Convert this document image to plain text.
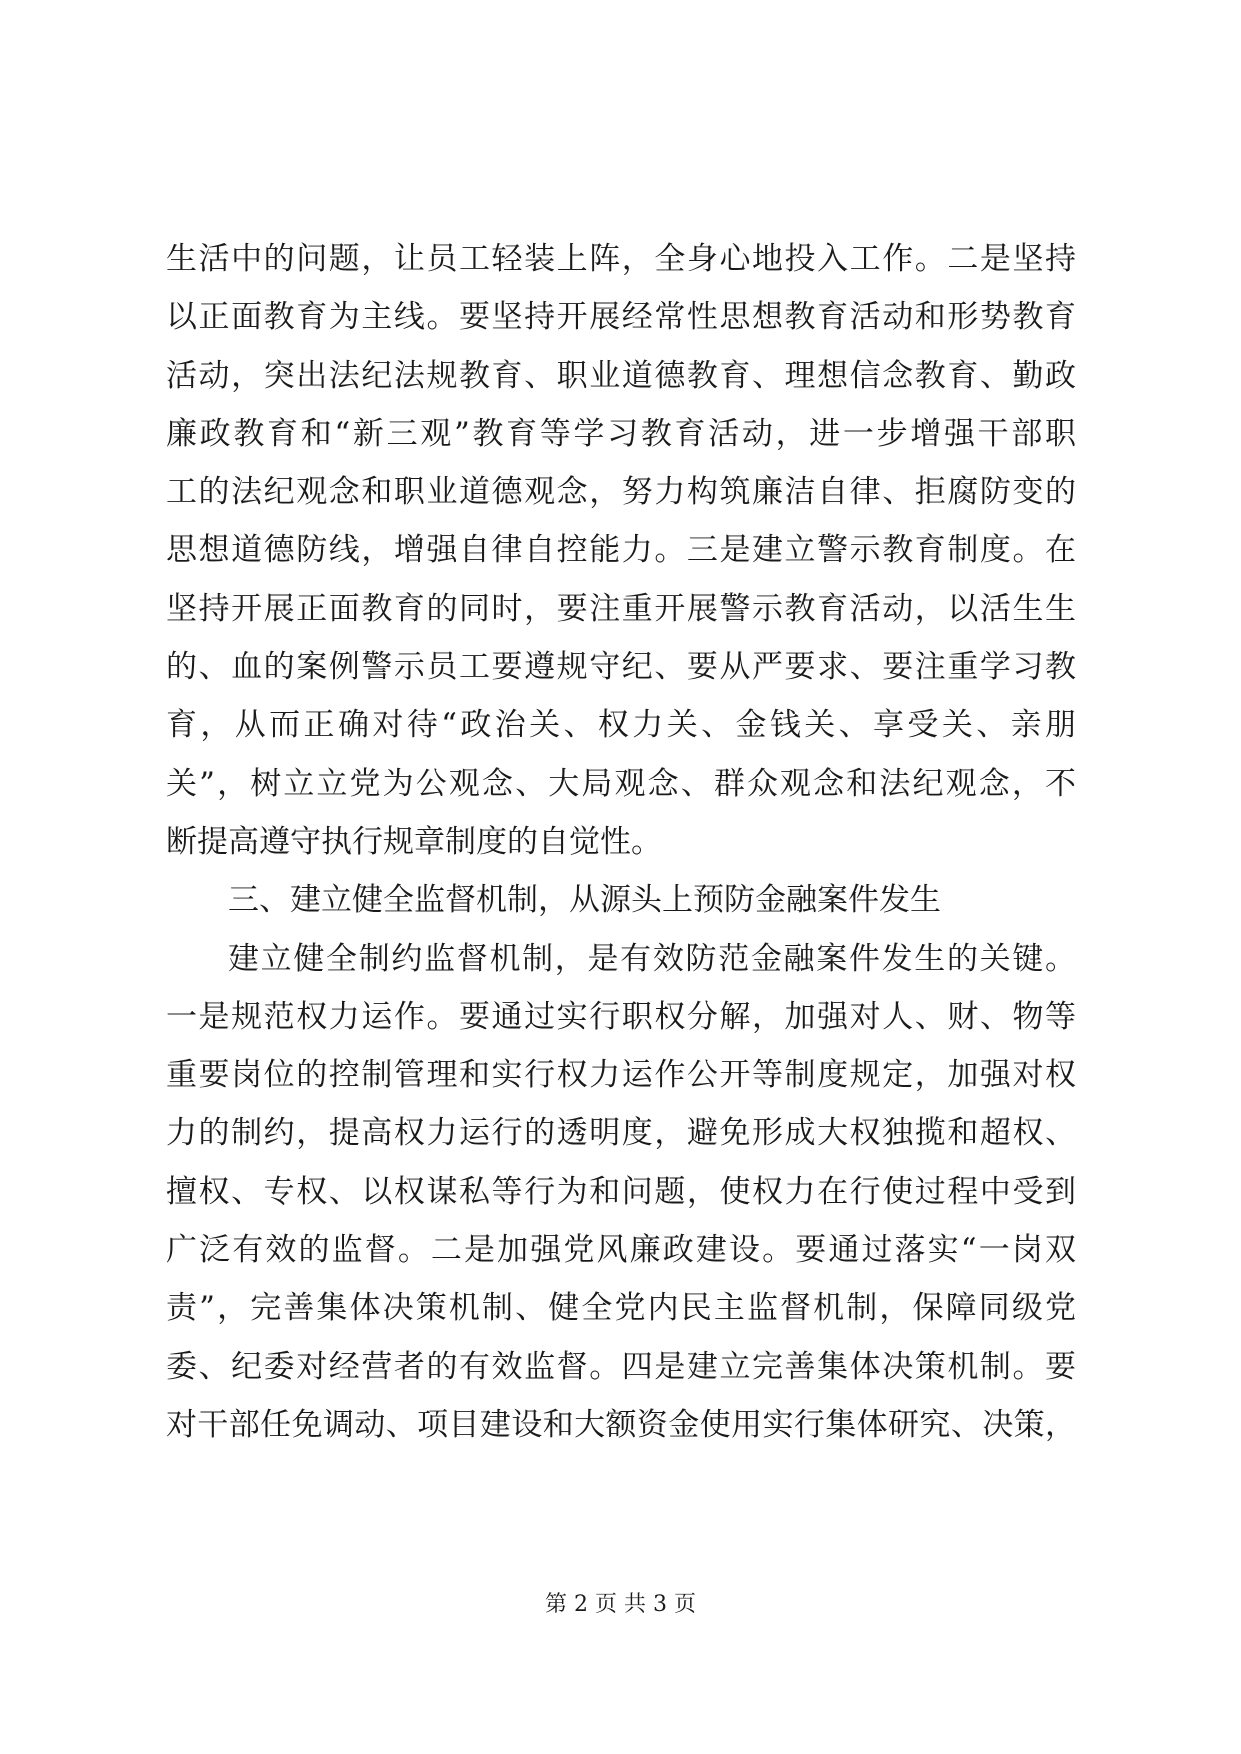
生活中的问题，让员工轻装上阵，全身心地投入工作。二是坚持
以正面教育为主线。要坚持开展经常性思想教育活动和形势教育
活动，突出法纪法规教育、职业道德教育、理想信念教育、勤政
廉政教育和“新三观”教育等学习教育活动，进一步增强干部职
工的法纪观念和职业道德观念，努力构筑廉洁自律、拒腐防变的
思想道德防线，增强自律自控能力。三是建立警示教育制度。在
坚持开展正面教育的同时，要注重开展警示教育活动，以活生生
的、血的案例警示员工要遵规守纪、要从严要求、要注重学习教
育，从而正确对待“政治关、权力关、金钱关、享受关、亲朋
关”，树立立党为公观念、大局观念、群众观念和法纪观念，不
断提高遵守执行规章制度的自觉性。
三、建立健全监督机制，从源头上预防金融案件发生
建立健全制约监督机制，是有效防范金融案件发生的关键。
一是规范权力运作。要通过实行职权分解，加强对人、财、物等
重要岗位的控制管理和实行权力运作公开等制度规定，加强对权
力的制约，提高权力运行的透明度，避免形成大权独揽和超权、
擅权、专权、以权谋私等行为和问题，使权力在行使过程中受到
广泛有效的监督。二是加强党风廉政建设。要通过落实“一岗双
责”，完善集体决策机制、健全党内民主监督机制，保障同级党
委、纪委对经营者的有效监督。四是建立完善集体决策机制。要
对干部任免调动、项目建设和大额资金使用实行集体研究、决策，
第 2 页 共 3 页
